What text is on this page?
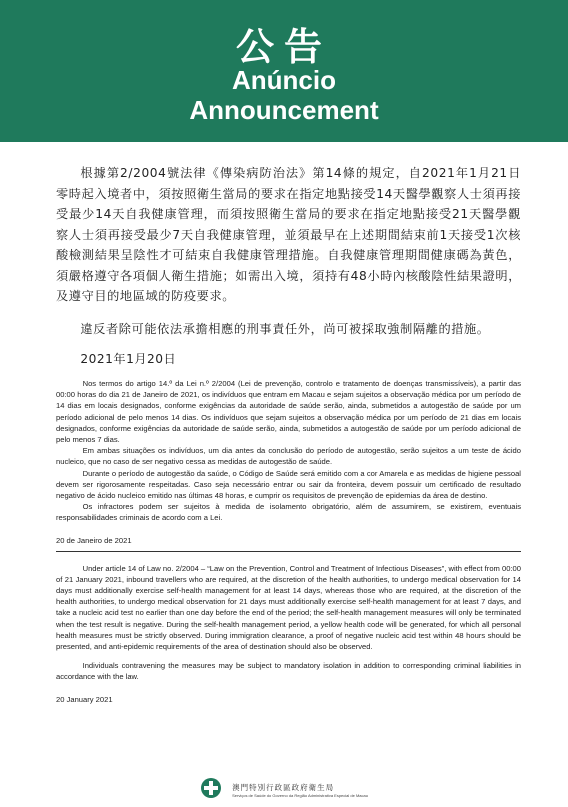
公告
Anúncio
Announcement

根據第2/2004號法律《傳染病防治法》第14條的規定，自2021年1月21日零時起入境者中，須按照衛生當局的要求在指定地點接受14天醫學觀察人士須再接受最少14天自我健康管理，而須按照衛生當局的要求在指定地點接受21天醫學觀察人士須再接受最少7天自我健康管理，並須最早在上述期間結束前1天接受1次核酸檢測結果呈陰性才可結束自我健康管理措施。自我健康管理期間健康碼為黃色，須嚴格遵守各項個人衛生措施；如需出入境，須持有48小時內核酸陰性結果證明，及遵守目的地區域的防疫要求。

違反者除可能依法承擔相應的刑事責任外，尚可被採取強制隔離的措施。

2021年1月20日

Nos termos do artigo 14.º da Lei n.º 2/2004 (Lei de prevenção, controlo e tratamento de doenças transmissíveis), a partir das 00:00 horas do dia 21 de Janeiro de 2021, os indivíduos que entram em Macau e sejam sujeitos a observação médica por um período de 14 dias em locais designados, conforme exigências da autoridade de saúde serão, ainda, submetidos a autogestão de saúde por um período adicional de pelo menos 14 dias. Os indivíduos que sejam sujeitos a observação médica por um período de 21 dias em locais designados, conforme exigências da autoridade de saúde serão, ainda, submetidos a autogestão de saúde por um período adicional de pelo menos 7 dias.

Em ambas situações os indivíduos, um dia antes da conclusão do período de autogestão, serão sujeitos a um teste de ácido nucleico, que no caso de ser negativo cessa as medidas de autogestão de saúde.

Durante o período de autogestão da saúde, o Código de Saúde será emitido com a cor Amarela e as medidas de higiene pessoal devem ser rigorosamente respeitadas. Caso seja necessário entrar ou sair da fronteira, devem possuir um certificado de resultado negativo de ácido nucleico emitido nas últimas 48 horas, e cumprir os requisitos de prevenção de epidemias da área de destino.

Os infractores podem ser sujeitos à medida de isolamento obrigatório, além de assumirem, se existirem, eventuais responsabilidades criminais de acordo com a Lei.

20 de Janeiro de 2021

Under article 14 of Law no. 2/2004 – “Law on the Prevention, Control and Treatment of Infectious Diseases”, with effect from 00:00 of 21 January 2021, inbound travellers who are required, at the discretion of the health authorities, to undergo medical observation for 14 days must additionally exercise self-health management for at least 14 days, whereas those who are required, at the discretion of the health authorities, to undergo medical observation for 21 days must additionally exercise self-health management for at least 7 days, and take a nucleic acid test no earlier than one day before the end of the period; the self-health management measures will only be terminated when the test result is negative. During the self-health management period, a yellow health code will be generated, for which all personal health measures must be strictly observed. During immigration clearance, a proof of negative nucleic acid test within 48 hours should be presented, and anti-epidemic requirements of the area of destination should also be observed.

Individuals contravening the measures may be subject to mandatory isolation in addition to corresponding criminal liabilities in accordance with the law.

20 January 2021

澳門特別行政區政府衛生局
Serviços de Saúde do Governo da Região Administrativa Especial de Macau
